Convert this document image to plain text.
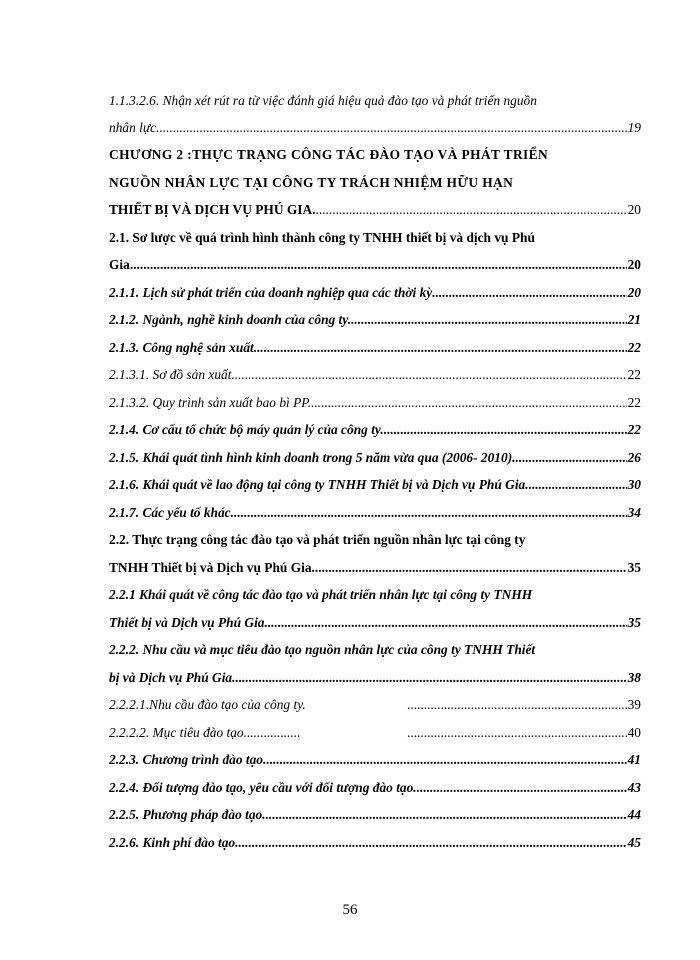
1.1.3.2.6. Nhận xét rút ra từ việc đánh giá hiệu quả đào tạo và phát triển nguồn
nhân lực. .....	19
CHƯƠNG 2 :THỰC TRẠNG CÔNG TÁC ĐÀO TẠO VÀ PHÁT TRIỂN
NGUỒN NHÂN LỰC TẠI CÔNG TY TRÁCH NHIỆM HỮU HẠN
THIẾT BỊ VÀ DỊCH VỤ PHÚ GIA. .....	20
2.1. Sơ lược về quá trình hình thành công ty TNHH thiết bị và dịch vụ Phú
Gia .....	20
2.1.1. Lịch sử phát triển của doanh nghiệp qua các thời kỳ .....	20
2.1.2. Ngành, nghề kinh doanh của công ty. .....	21
2.1.3. Công nghệ sản xuất .....	22
2.1.3.1. Sơ đồ sản xuất .....	22
2.1.3.2. Quy trình sản xuất bao bì PP. .....	22
2.1.4. Cơ cấu tổ chức bộ máy quản lý của công ty. .....	22
2.1.5. Khái quát tình hình kinh doanh trong 5 năm vừa qua (2006- 2010) .....	26
2.1.6. Khái quát về lao động tại công ty TNHH Thiết bị và Dịch vụ Phú Gia. .....	30
2.1.7. Các yếu tố khác .....	34
2.2. Thực trạng công tác đào tạo và phát triển nguồn nhân lực tại công ty
TNHH Thiết bị và Dịch vụ Phú Gia .....	35
2.2.1 Khái quát về công tác đào tạo và phát triển nhân lực tại công ty TNHH
Thiết bị và Dịch vụ Phú Gia .....	35
2.2.2. Nhu cầu và mục tiêu đào tạo nguồn nhân lực của công ty TNHH Thiết
bị và Dịch vụ Phú Gia .....	38
2.2.2.1.Nhu cầu đào tạo của công ty. .....	39
2.2.2.2. Mục tiêu đào tạo................. .....	40
2.2.3. Chương trình đào tạo. .....	41
2.2.4. Đối tượng đào tạo, yêu cầu với đối tượng đào tạo. .....	43
2.2.5. Phương pháp đào tạo .....	44
2.2.6. Kinh phí đào tạo .....	45
56
